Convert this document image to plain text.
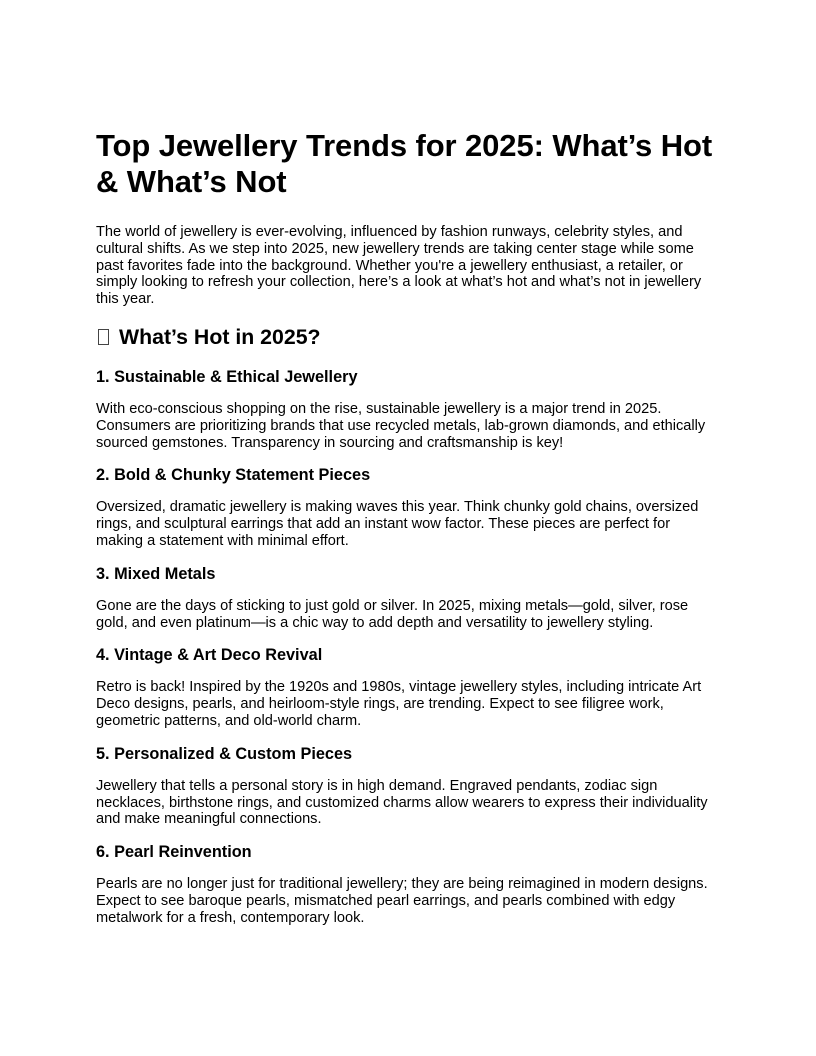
Top Jewellery Trends for 2025: What’s Hot & What’s Not

The world of jewellery is ever-evolving, influenced by fashion runways, celebrity styles, and cultural shifts. As we step into 2025, new jewellery trends are taking center stage while some past favorites fade into the background. Whether you're a jewellery enthusiast, a retailer, or simply looking to refresh your collection, here’s a look at what’s hot and what’s not in jewellery this year.

What’s Hot in 2025?
1. Sustainable & Ethical Jewellery

With eco-conscious shopping on the rise, sustainable jewellery is a major trend in 2025. Consumers are prioritizing brands that use recycled metals, lab-grown diamonds, and ethically sourced gemstones. Transparency in sourcing and craftsmanship is key!

2. Bold & Chunky Statement Pieces

Oversized, dramatic jewellery is making waves this year. Think chunky gold chains, oversized rings, and sculptural earrings that add an instant wow factor. These pieces are perfect for making a statement with minimal effort.

3. Mixed Metals

Gone are the days of sticking to just gold or silver. In 2025, mixing metals—gold, silver, rose gold, and even platinum—is a chic way to add depth and versatility to jewellery styling.

4. Vintage & Art Deco Revival

Retro is back! Inspired by the 1920s and 1980s, vintage jewellery styles, including intricate Art Deco designs, pearls, and heirloom-style rings, are trending. Expect to see filigree work, geometric patterns, and old-world charm.

5. Personalized & Custom Pieces

Jewellery that tells a personal story is in high demand. Engraved pendants, zodiac sign necklaces, birthstone rings, and customized charms allow wearers to express their individuality and make meaningful connections.

6. Pearl Reinvention

Pearls are no longer just for traditional jewellery; they are being reimagined in modern designs. Expect to see baroque pearls, mismatched pearl earrings, and pearls combined with edgy metalwork for a fresh, contemporary look.
